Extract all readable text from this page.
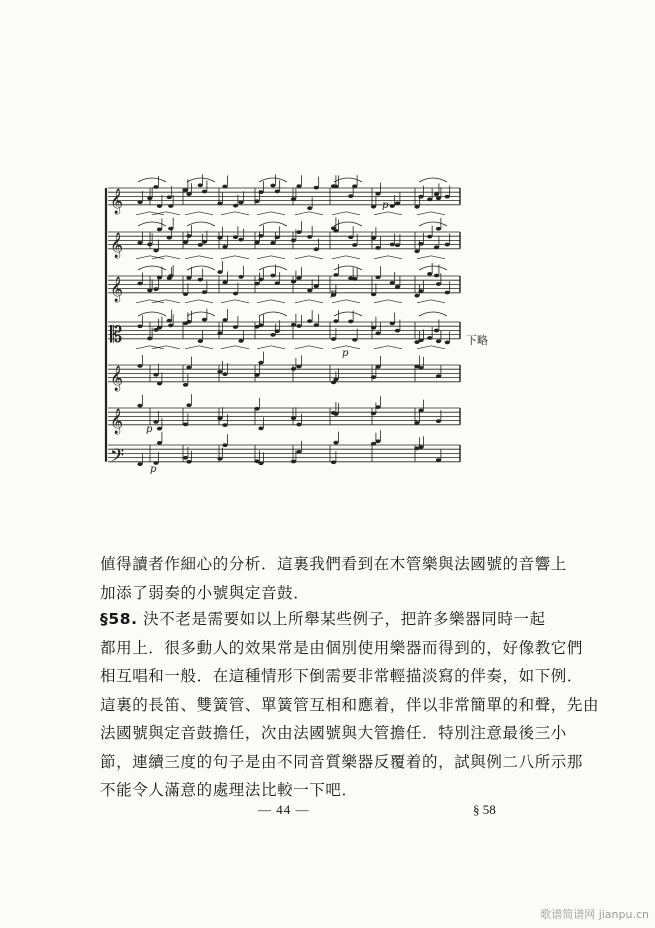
𝄞
𝄞
𝄞
𝄡
𝄞
𝄞
𝄢
p
p
p
p
p
下略
値得讀者作細心的分析．這裏我們看到在木管樂與法國號的音響上
加添了弱奏的小號與定音鼓．
§58. 決不老是需要如以上所舉某些例子，把許多樂器同時一起
都用上．很多動人的效果常是由個別使用樂器而得到的，好像教它們
相互唱和一般．在這種情形下倒需要非常輕描淡寫的伴奏，如下例．
這裏的長笛、雙簧管、單簧管互相和應着，伴以非常簡單的和聲，先由
法國號與定音鼓擔任，次由法國號與大管擔任．特別注意最後三小
節，連續三度的句子是由不同音質樂器反覆着的，試與例二八所示那
不能令人滿意的處理法比較一下吧．
— 44 —	§ 58
歌谱简谱网 jianpu.cn
